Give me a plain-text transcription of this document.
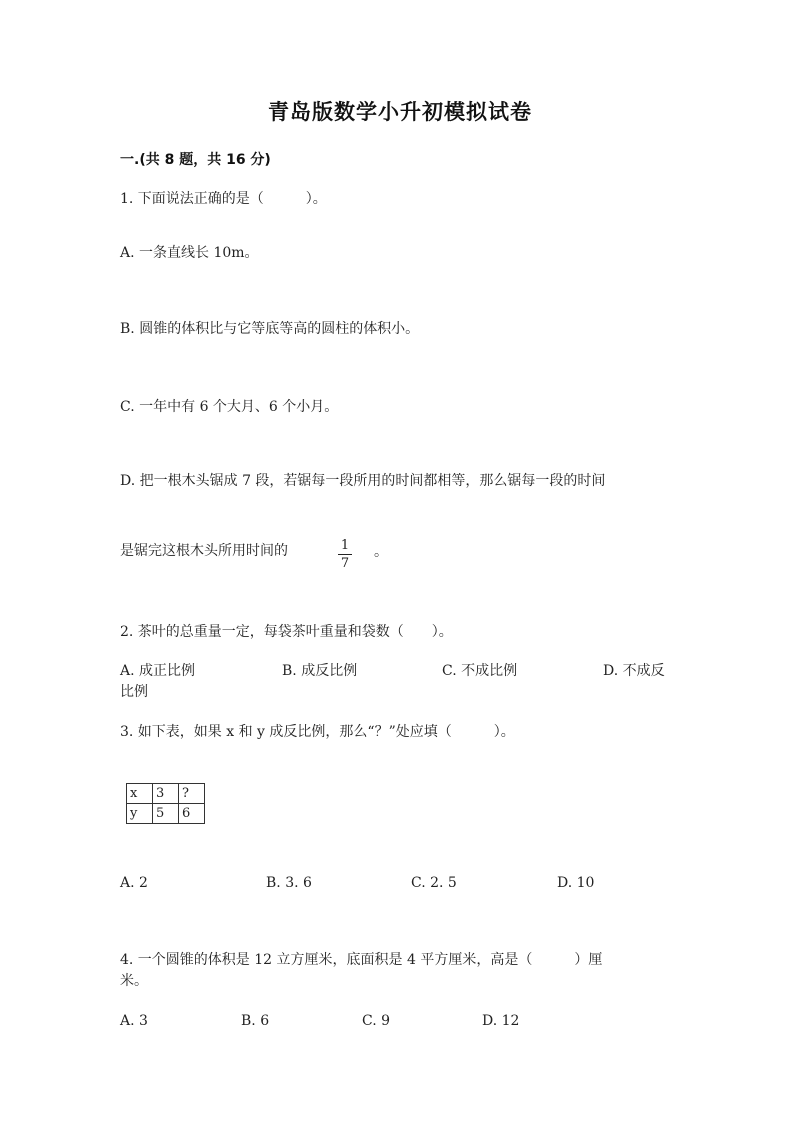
青岛版数学小升初模拟试卷
一.(共 8 题，共 16 分)
1. 下面说法正确的是（　　　）。
A. 一条直线长 10m。
B. 圆锥的体积比与它等底等高的圆柱的体积小。
C. 一年中有 6 个大月、6 个小月。
D. 把一根木头锯成 7 段，若锯每一段所用的时间都相等，那么锯每一段的时间
是锯完这根木头所用时间的	1
7
。
2. 茶叶的总重量一定，每袋茶叶重量和袋数（　　）。
A. 成正比例	B. 成反比例	C. 不成比例	D. 不成反
比例
3. 如下表，如果 x 和 y 成反比例，那么“？”处应填（　　　）。
x	3	?
y	5	6
A. 2	B. 3. 6	C. 2. 5	D. 10
4. 一个圆锥的体积是 12 立方厘米，底面积是 4 平方厘米，高是（　　　）厘
米。
A. 3	B. 6	C. 9	D. 12
